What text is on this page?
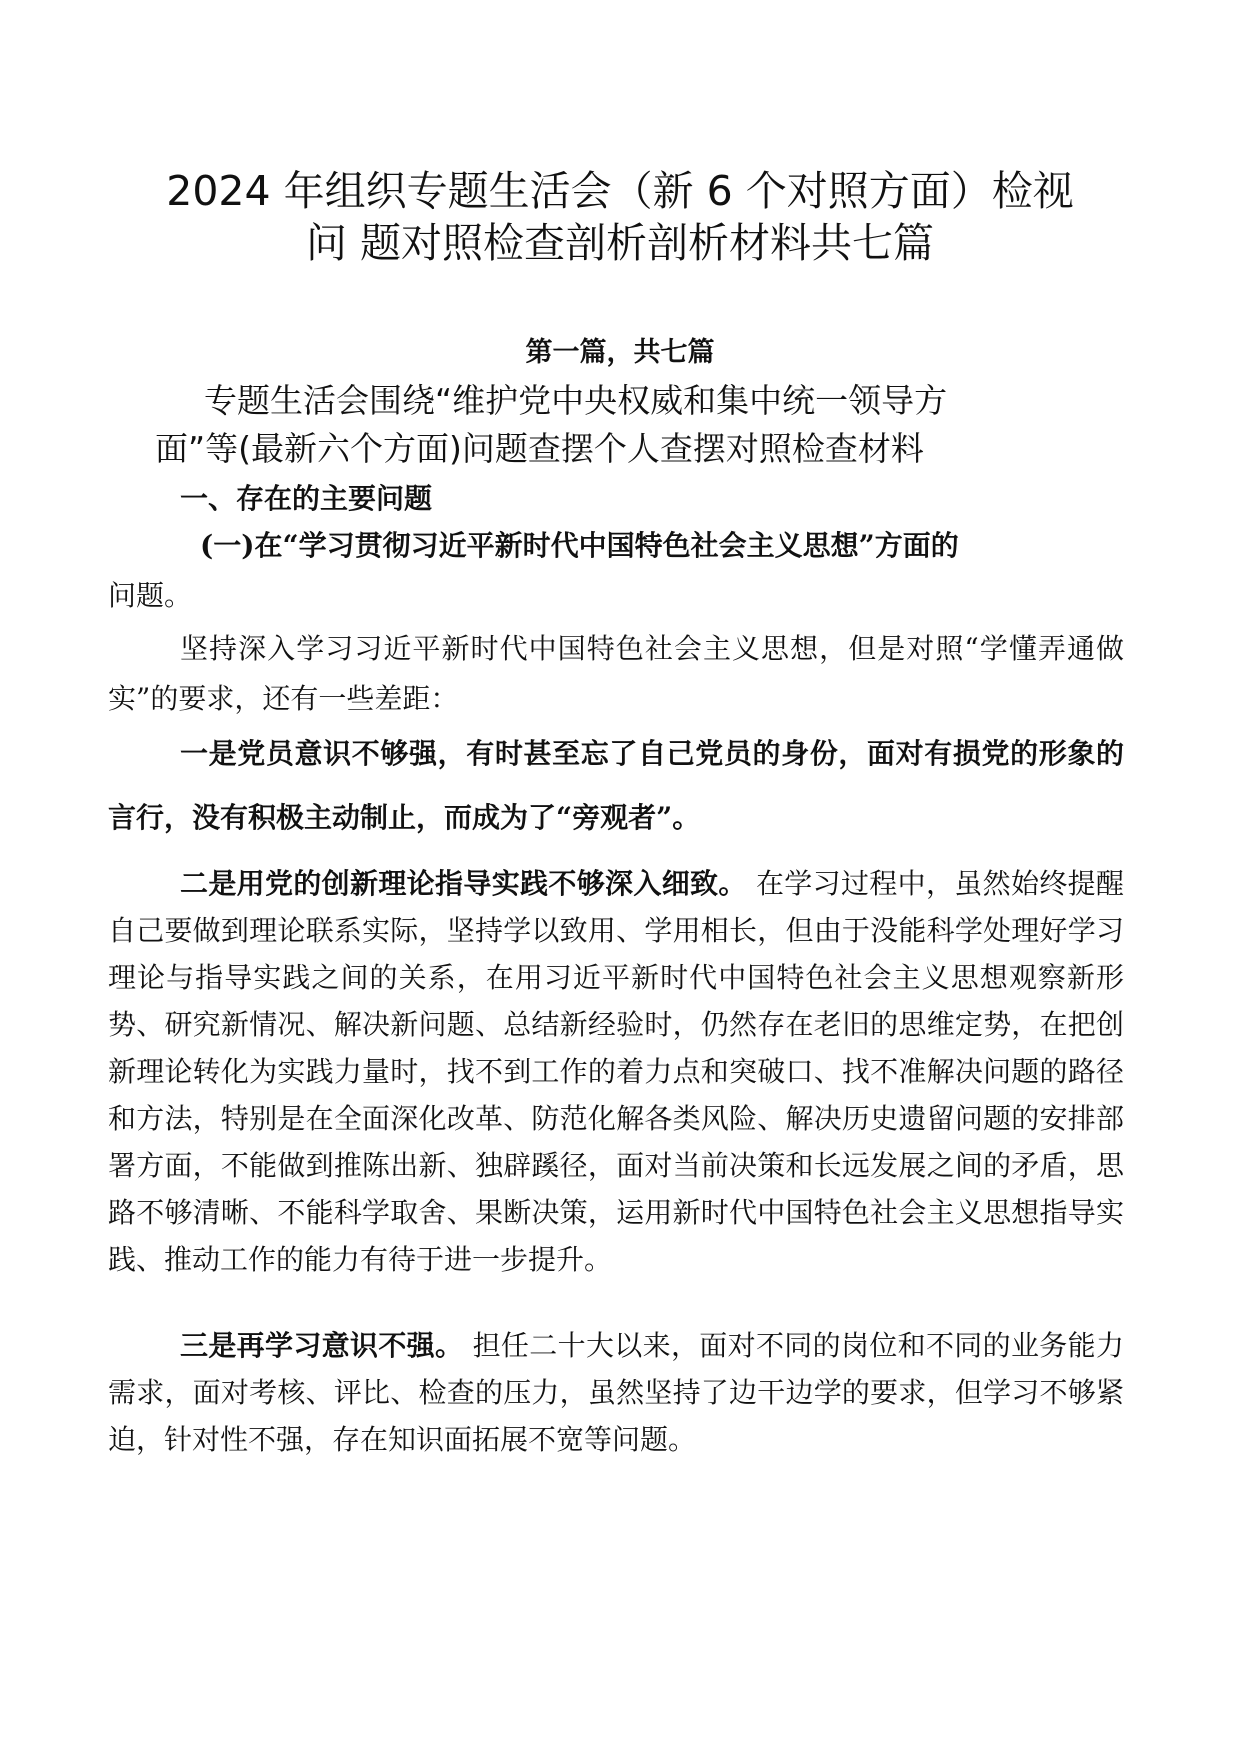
2024 年组织专题生活会（新 6 个对照方面）检视
问 题对照检查剖析剖析材料共七篇
第一篇，共七篇
专题生活会围绕“维护党中央权威和集中统一领导方
面”等(最新六个方面)问题查摆个人查摆对照检查材料
一、存在的主要问题
(一)在“学习贯彻习近平新时代中国特色社会主义思想”方面的
问题。
坚持深入学习习近平新时代中国特色社会主义思想，但是对照“学懂弄通做实”的要求，还有一些差距：
一是党员意识不够强，有时甚至忘了自己党员的身份，面对有损党的形象的言行，没有积极主动制止，而成为了“旁观者”。
二是用党的创新理论指导实践不够深入细致。 在学习过程中，虽然始终提醒自己要做到理论联系实际，坚持学以致用、学用相长，但由于没能科学处理好学习理论与指导实践之间的关系，在用习近平新时代中国特色社会主义思想观察新形势、研究新情况、解决新问题、总结新经验时，仍然存在老旧的思维定势，在把创新理论转化为实践力量时，找不到工作的着力点和突破口、找不准解决问题的路径和方法，特别是在全面深化改革、防范化解各类风险、解决历史遗留问题的安排部署方面，不能做到推陈出新、独辟蹊径，面对当前决策和长远发展之间的矛盾，思路不够清晰、不能科学取舍、果断决策，运用新时代中国特色社会主义思想指导实践、推动工作的能力有待于进一步提升。
三是再学习意识不强。 担任二十大以来，面对不同的岗位和不同的业务能力需求，面对考核、评比、检查的压力，虽然坚持了边干边学的要求，但学习不够紧迫，针对性不强，存在知识面拓展不宽等问题。
